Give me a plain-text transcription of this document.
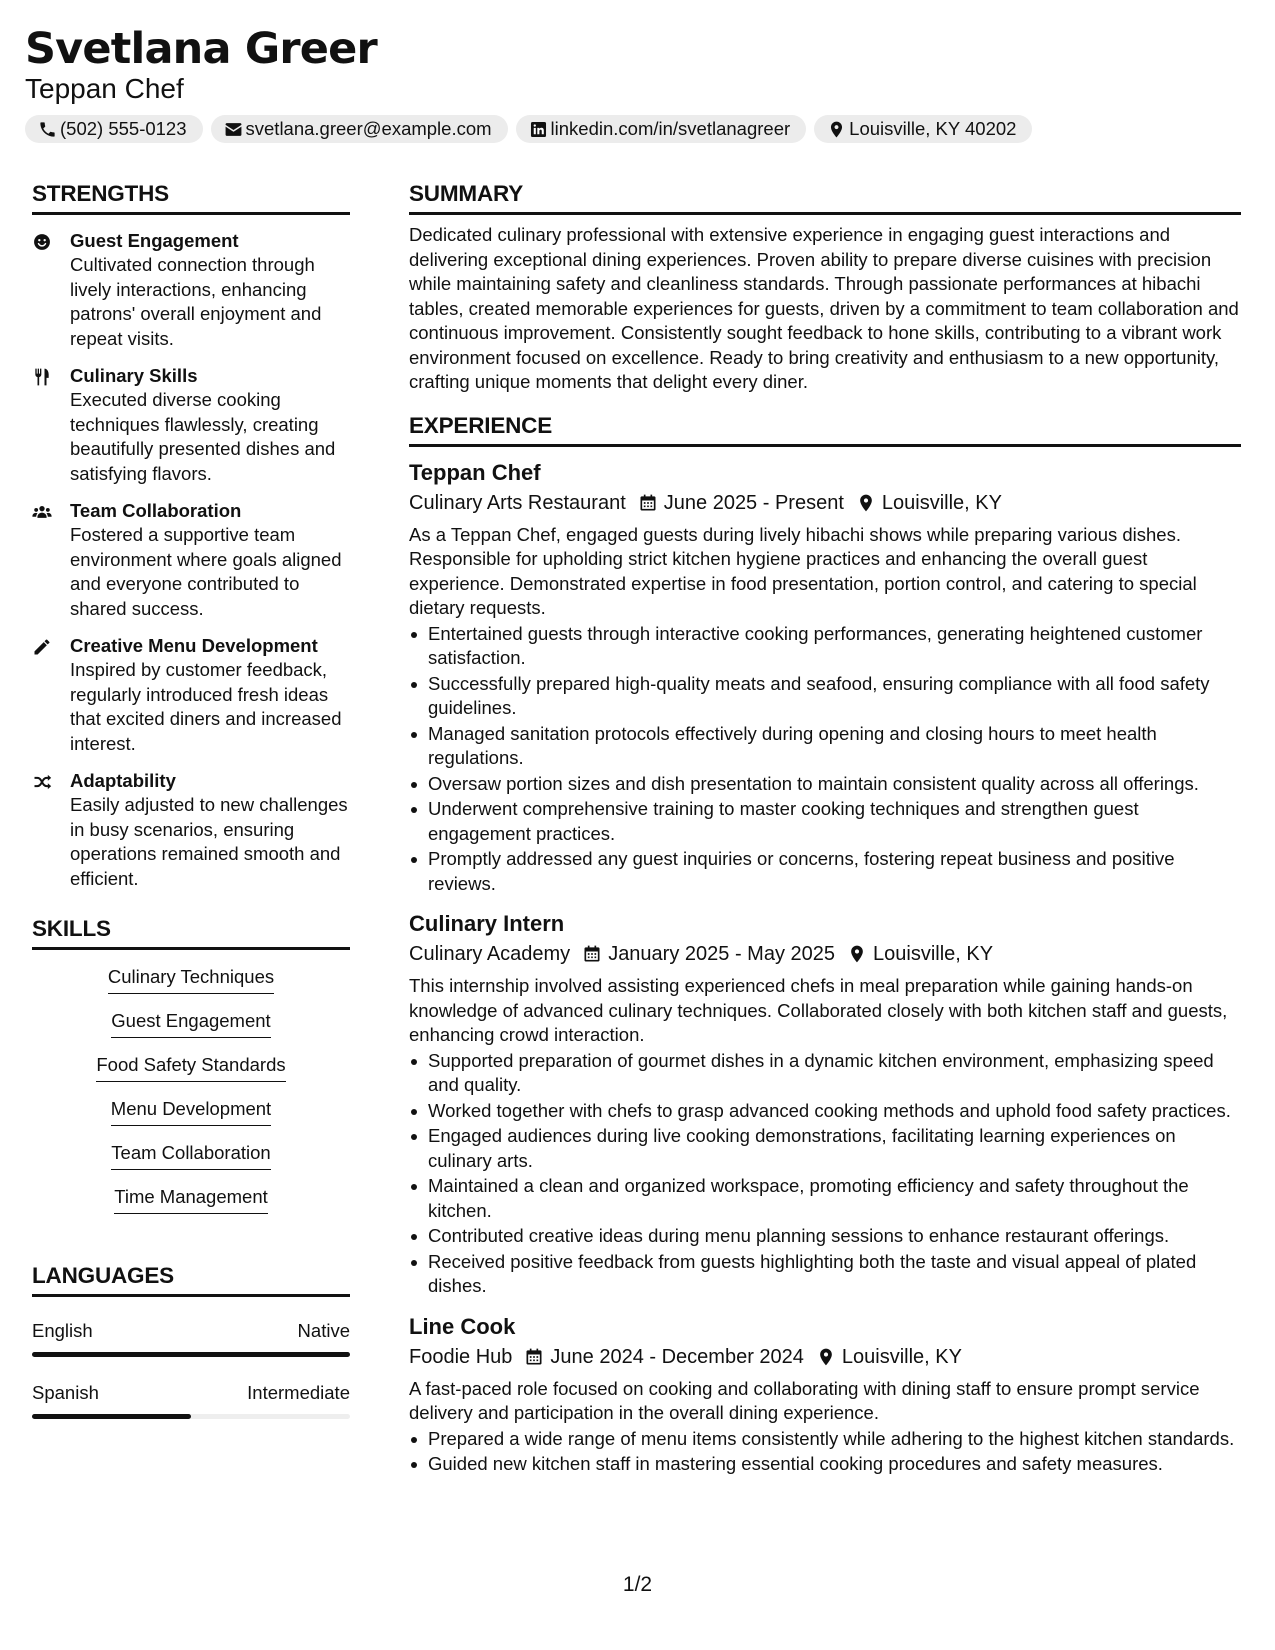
Svetlana Greer
Teppan Chef
(502) 555-0123	svetlana.greer@example.com	linkedin.com/in/svetlanagreer	Louisville, KY 40202
STRENGTHS
Guest Engagement
Cultivated connection through lively interactions, enhancing patrons' overall enjoyment and repeat visits.
Culinary Skills
Executed diverse cooking techniques flawlessly, creating beautifully presented dishes and satisfying flavors.
Team Collaboration
Fostered a supportive team environment where goals aligned and everyone contributed to shared success.
Creative Menu Development
Inspired by customer feedback, regularly introduced fresh ideas that excited diners and increased interest.
Adaptability
Easily adjusted to new challenges in busy scenarios, ensuring operations remained smooth and efficient.
SKILLS
Culinary Techniques
Guest Engagement
Food Safety Standards
Menu Development
Team Collaboration
Time Management
LANGUAGES
English	Native
Spanish	Intermediate
SUMMARY
Dedicated culinary professional with extensive experience in engaging guest interactions and delivering exceptional dining experiences. Proven ability to prepare diverse cuisines with precision while maintaining safety and cleanliness standards. Through passionate performances at hibachi tables, created memorable experiences for guests, driven by a commitment to team collaboration and continuous improvement. Consistently sought feedback to hone skills, contributing to a vibrant work environment focused on excellence. Ready to bring creativity and enthusiasm to a new opportunity, crafting unique moments that delight every diner.
EXPERIENCE
Teppan Chef
Culinary Arts Restaurant June 2025 - Present Louisville, KY
As a Teppan Chef, engaged guests during lively hibachi shows while preparing various dishes. Responsible for upholding strict kitchen hygiene practices and enhancing the overall guest experience. Demonstrated expertise in food presentation, portion control, and catering to special dietary requests.
Entertained guests through interactive cooking performances, generating heightened customer satisfaction.
Successfully prepared high-quality meats and seafood, ensuring compliance with all food safety guidelines.
Managed sanitation protocols effectively during opening and closing hours to meet health regulations.
Oversaw portion sizes and dish presentation to maintain consistent quality across all offerings.
Underwent comprehensive training to master cooking techniques and strengthen guest engagement practices.
Promptly addressed any guest inquiries or concerns, fostering repeat business and positive reviews.
Culinary Intern
Culinary Academy January 2025 - May 2025 Louisville, KY
This internship involved assisting experienced chefs in meal preparation while gaining hands-on knowledge of advanced culinary techniques. Collaborated closely with both kitchen staff and guests, enhancing crowd interaction.
Supported preparation of gourmet dishes in a dynamic kitchen environment, emphasizing speed and quality.
Worked together with chefs to grasp advanced cooking methods and uphold food safety practices.
Engaged audiences during live cooking demonstrations, facilitating learning experiences on culinary arts.
Maintained a clean and organized workspace, promoting efficiency and safety throughout the kitchen.
Contributed creative ideas during menu planning sessions to enhance restaurant offerings.
Received positive feedback from guests highlighting both the taste and visual appeal of plated dishes.
Line Cook
Foodie Hub June 2024 - December 2024 Louisville, KY
A fast-paced role focused on cooking and collaborating with dining staff to ensure prompt service delivery and participation in the overall dining experience.
Prepared a wide range of menu items consistently while adhering to the highest kitchen standards.
Guided new kitchen staff in mastering essential cooking procedures and safety measures.
1/2
